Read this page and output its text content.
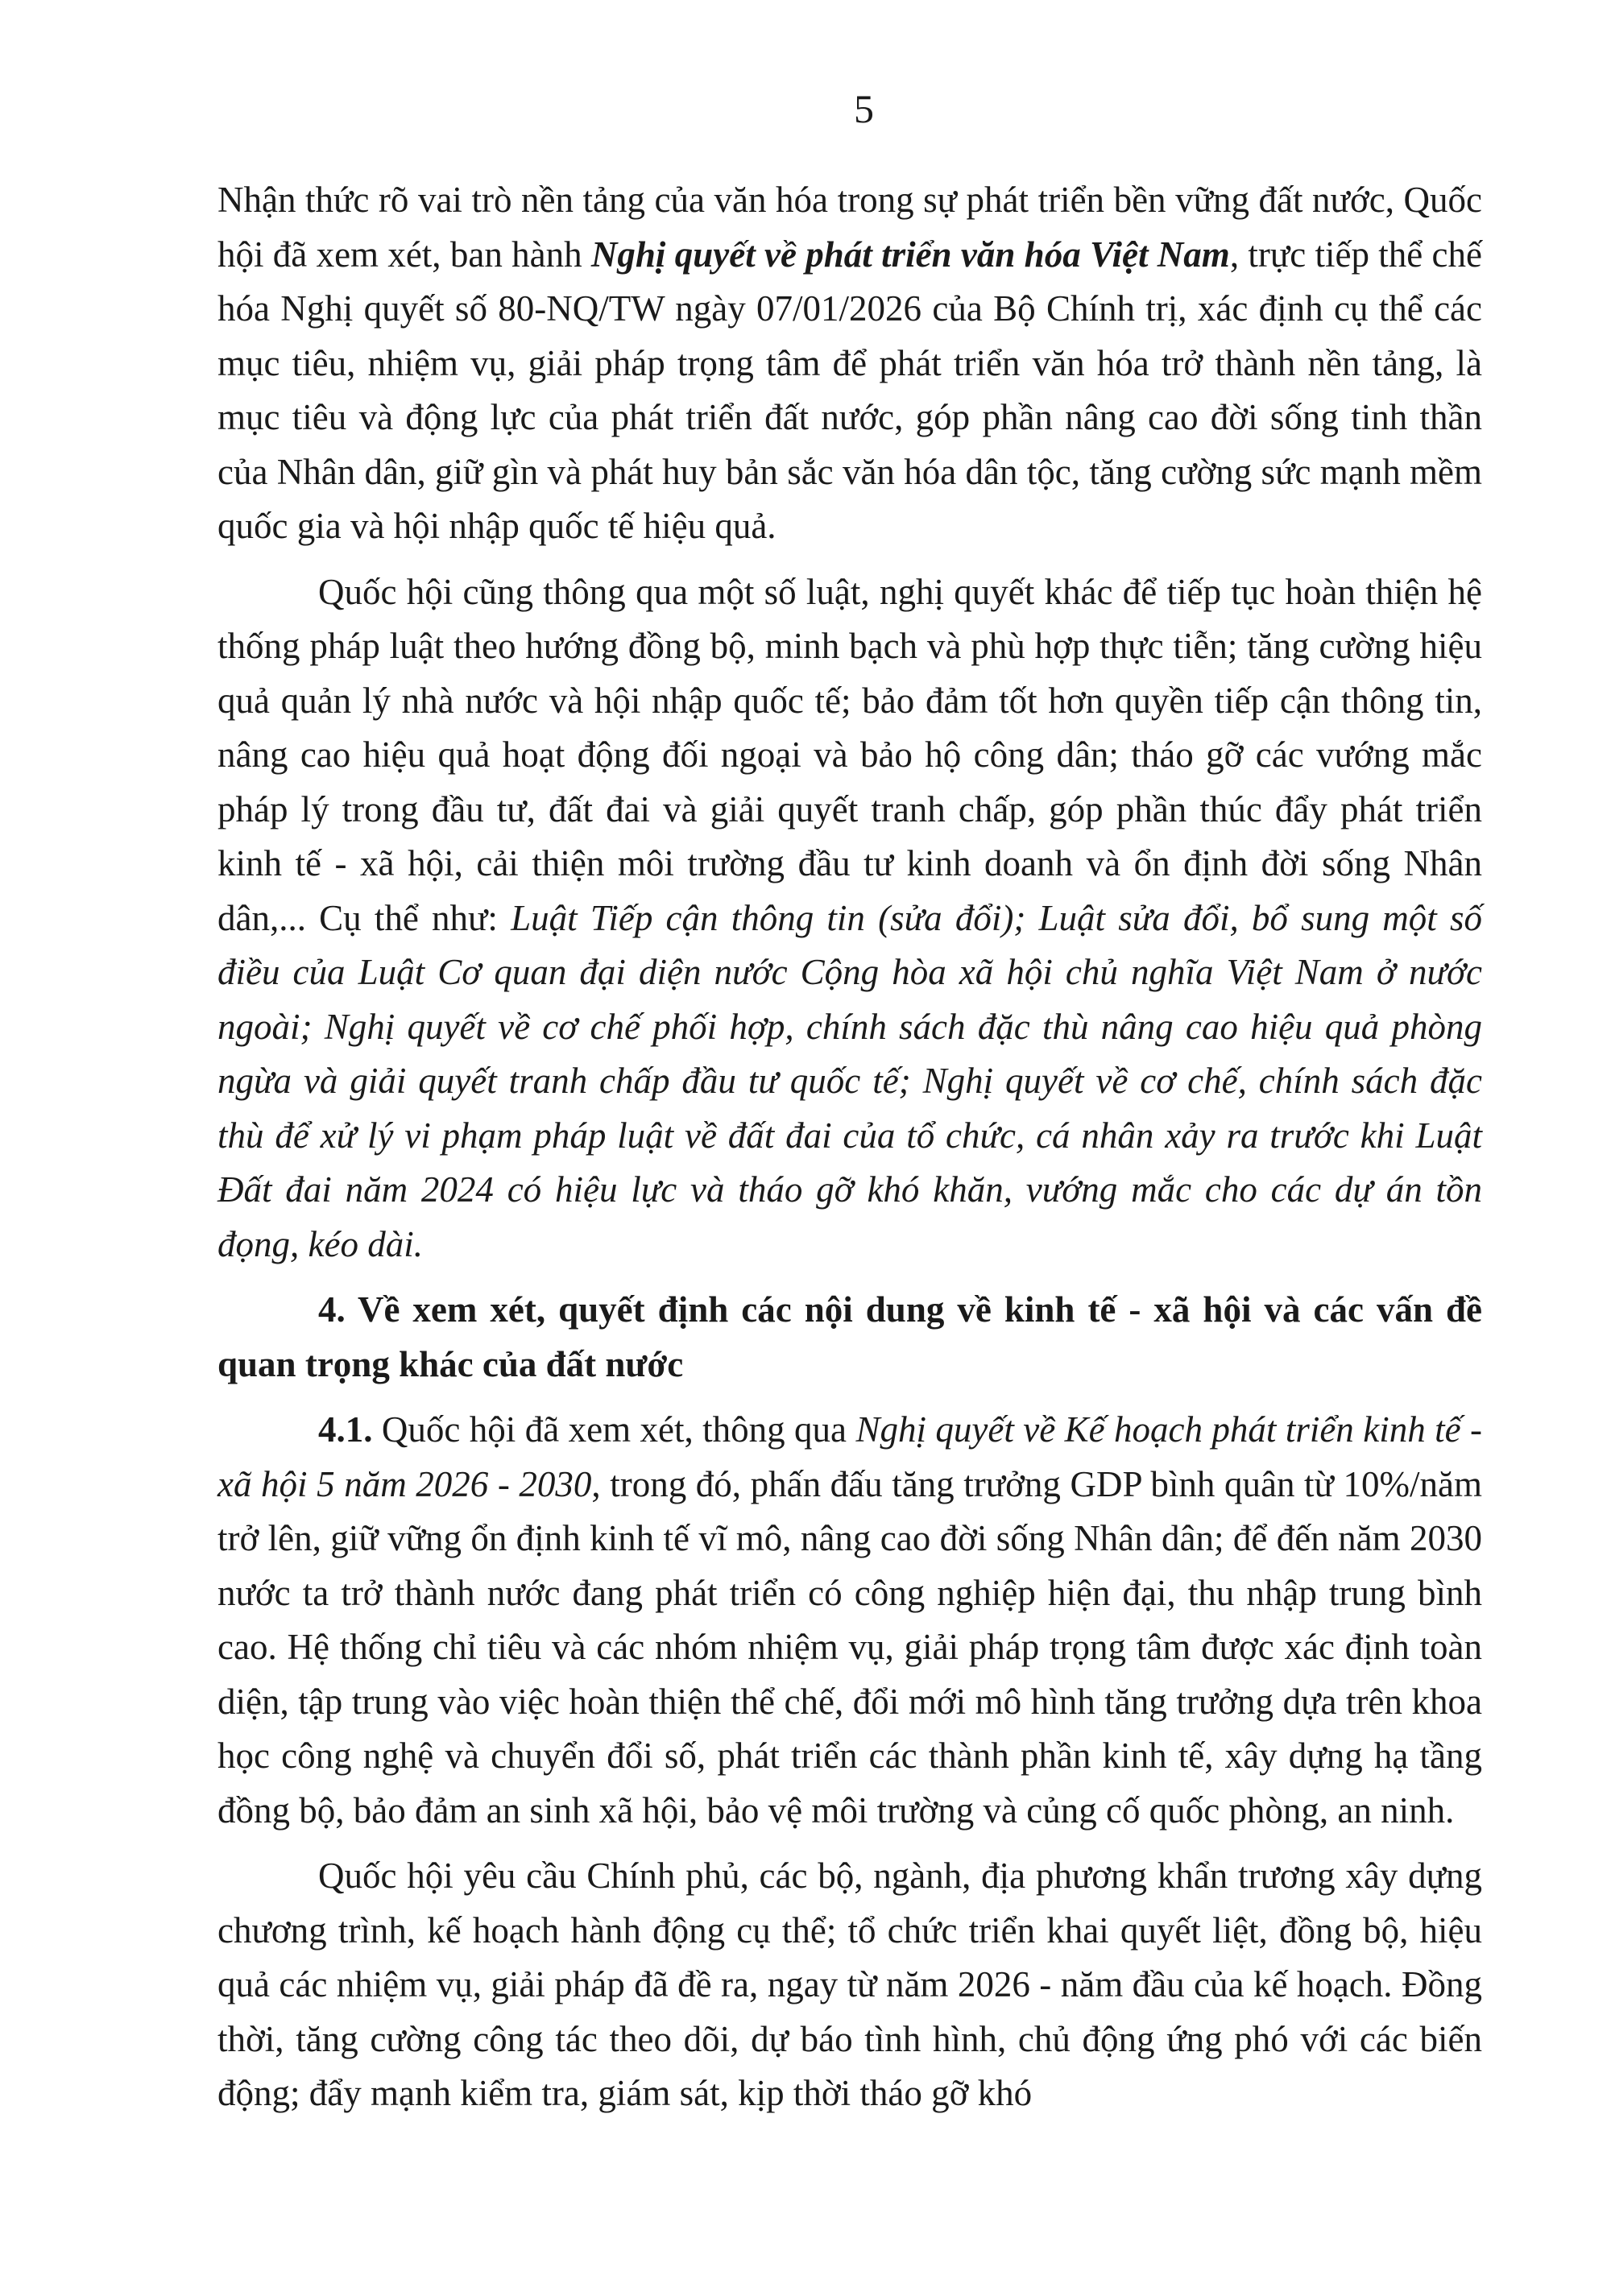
5

Nhận thức rõ vai trò nền tảng của văn hóa trong sự phát triển bền vững đất nước, Quốc hội đã xem xét, ban hành Nghị quyết về phát triển văn hóa Việt Nam, trực tiếp thể chế hóa Nghị quyết số 80-NQ/TW ngày 07/01/2026 của Bộ Chính trị, xác định cụ thể các mục tiêu, nhiệm vụ, giải pháp trọng tâm để phát triển văn hóa trở thành nền tảng, là mục tiêu và động lực của phát triển đất nước, góp phần nâng cao đời sống tinh thần của Nhân dân, giữ gìn và phát huy bản sắc văn hóa dân tộc, tăng cường sức mạnh mềm quốc gia và hội nhập quốc tế hiệu quả.

Quốc hội cũng thông qua một số luật, nghị quyết khác để tiếp tục hoàn thiện hệ thống pháp luật theo hướng đồng bộ, minh bạch và phù hợp thực tiễn; tăng cường hiệu quả quản lý nhà nước và hội nhập quốc tế; bảo đảm tốt hơn quyền tiếp cận thông tin, nâng cao hiệu quả hoạt động đối ngoại và bảo hộ công dân; tháo gỡ các vướng mắc pháp lý trong đầu tư, đất đai và giải quyết tranh chấp, góp phần thúc đẩy phát triển kinh tế - xã hội, cải thiện môi trường đầu tư kinh doanh và ổn định đời sống Nhân dân,... Cụ thể như: Luật Tiếp cận thông tin (sửa đổi); Luật sửa đổi, bổ sung một số điều của Luật Cơ quan đại diện nước Cộng hòa xã hội chủ nghĩa Việt Nam ở nước ngoài; Nghị quyết về cơ chế phối hợp, chính sách đặc thù nâng cao hiệu quả phòng ngừa và giải quyết tranh chấp đầu tư quốc tế; Nghị quyết về cơ chế, chính sách đặc thù để xử lý vi phạm pháp luật về đất đai của tổ chức, cá nhân xảy ra trước khi Luật Đất đai năm 2024 có hiệu lực và tháo gỡ khó khăn, vướng mắc cho các dự án tồn đọng, kéo dài.

4. Về xem xét, quyết định các nội dung về kinh tế - xã hội và các vấn đề quan trọng khác của đất nước

4.1. Quốc hội đã xem xét, thông qua Nghị quyết về Kế hoạch phát triển kinh tế - xã hội 5 năm 2026 - 2030, trong đó, phấn đấu tăng trưởng GDP bình quân từ 10%/năm trở lên, giữ vững ổn định kinh tế vĩ mô, nâng cao đời sống Nhân dân; để đến năm 2030 nước ta trở thành nước đang phát triển có công nghiệp hiện đại, thu nhập trung bình cao. Hệ thống chỉ tiêu và các nhóm nhiệm vụ, giải pháp trọng tâm được xác định toàn diện, tập trung vào việc hoàn thiện thể chế, đổi mới mô hình tăng trưởng dựa trên khoa học công nghệ và chuyển đổi số, phát triển các thành phần kinh tế, xây dựng hạ tầng đồng bộ, bảo đảm an sinh xã hội, bảo vệ môi trường và củng cố quốc phòng, an ninh.

Quốc hội yêu cầu Chính phủ, các bộ, ngành, địa phương khẩn trương xây dựng chương trình, kế hoạch hành động cụ thể; tổ chức triển khai quyết liệt, đồng bộ, hiệu quả các nhiệm vụ, giải pháp đã đề ra, ngay từ năm 2026 - năm đầu của kế hoạch. Đồng thời, tăng cường công tác theo dõi, dự báo tình hình, chủ động ứng phó với các biến động; đẩy mạnh kiểm tra, giám sát, kịp thời tháo gỡ khó
